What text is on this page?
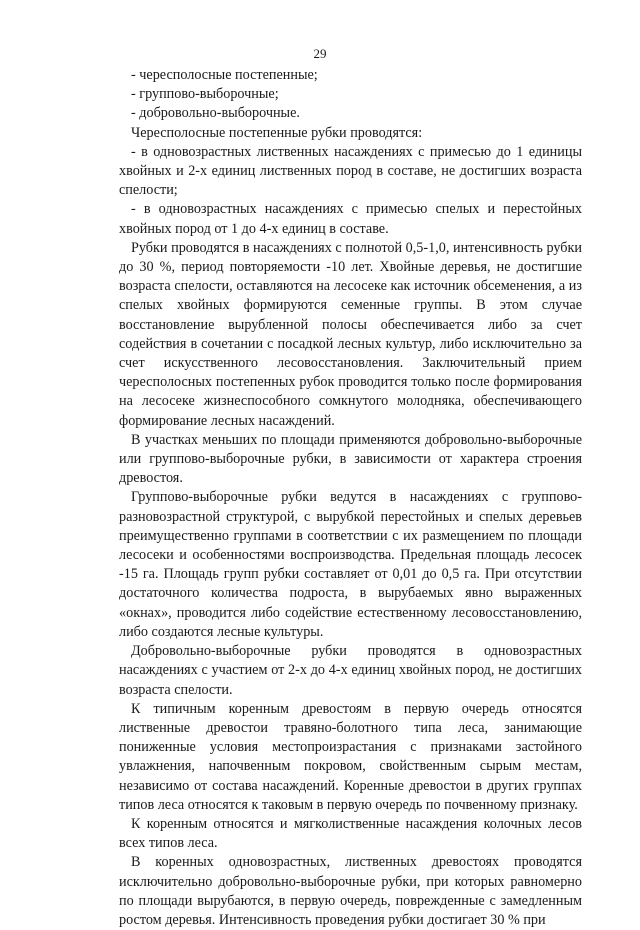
29

- чересполосные постепенные;

- группово-выборочные;

- добровольно-выборочные.

Чересполосные постепенные рубки проводятся:

- в одновозрастных лиственных насаждениях с примесью до 1 единицы хвойных и 2-х единиц лиственных пород в составе, не достигших возраста спелости;

- в одновозрастных насаждениях с примесью спелых и перестойных хвойных пород от 1 до 4-х единиц в составе.

Рубки проводятся в насаждениях с полнотой 0,5-1,0, интенсивность рубки до 30 %, период повторяемости -10 лет. Хвойные деревья, не достигшие возраста спелости, оставляются на лесосеке как источник обсеменения, а из спелых хвойных формируются семенные группы. В этом случае восстановление вырубленной полосы обеспечивается либо за счет содействия в сочетании с посадкой лесных культур, либо исключительно за счет искусственного лесовосстановления. Заключительный прием чересполосных постепенных рубок проводится только после формирования на лесосеке жизнеспособного сомкнутого молодняка, обеспечивающего формирование лесных насаждений.

В участках меньших по площади применяются добровольно-выборочные или группово-выборочные рубки, в зависимости от характера строения древостоя.

Группово-выборочные рубки ведутся в насаждениях с группово-разновозрастной структурой, с вырубкой перестойных и спелых деревьев преимущественно группами в соответствии с их размещением по площади лесосеки и особенностями воспроизводства. Предельная площадь лесосек -15 га. Площадь групп рубки составляет от 0,01 до 0,5 га. При отсутствии достаточного количества подроста, в вырубаемых явно выраженных «окнах», проводится либо содействие естественному лесовосстановлению, либо создаются лесные культуры.

Добровольно-выборочные рубки проводятся в одновозрастных насаждениях с участием от 2-х до 4-х единиц хвойных пород, не достигших возраста спелости.

К типичным коренным древостоям в первую очередь относятся лиственные древостои травяно-болотного типа леса, занимающие пониженные условия местопроизрастания с признаками застойного увлажнения, напочвенным покровом, свойственным сырым местам, независимо от состава насаждений. Коренные древостои в других группах типов леса относятся к таковым в первую очередь по почвенному признаку.

К коренным относятся и мягколиственные насаждения колочных лесов всех типов леса.

В коренных одновозрастных, лиственных древостоях проводятся исключительно добровольно-выборочные рубки, при которых равномерно по площади вырубаются, в первую очередь, поврежденные с замедленным ростом деревья. Интенсивность проведения рубки достигает 30 % при
